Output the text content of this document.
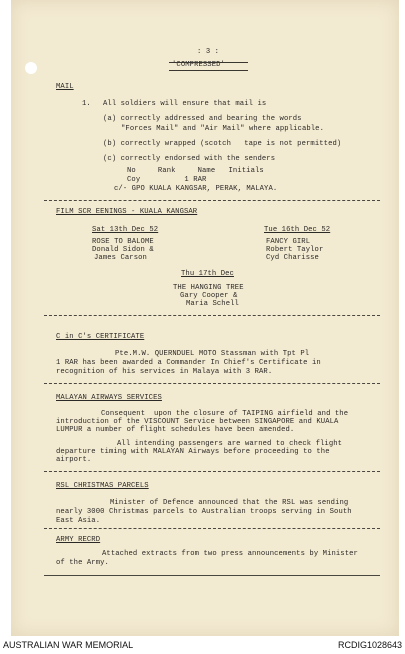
: 3 :
'COMPRESSED'
MAIL
1. All soldiers will ensure that mail is
(a) correctly addressed and bearing the words
"Forces Mail" and "Air Mail" where applicable.
(b) correctly wrapped (scotch   tape is not permitted)
(c) correctly endorsed with the senders
No     Rank     Name   Initials
Coy          1 RAR
c/- GPO KUALA KANGSAR, PERAK, MALAYA.
FILM SCR EENINGS - KUALA KANGSAR
Sat 13th Dec 52
ROSE TO BALOME
Donald Sidon &
James Carson
Tue 16th Dec 52
FANCY GIRL
Robert Taylor
Cyd Charisse
Thu 17th Dec
THE HANGING TREE
Gary Cooper &
Maria Schell
C in C's CERTIFICATE
Pte.M.W. QUERNDUEL MOTO Stassman with Tpt Pl
1 RAR has been awarded a Commander In Chief's Certificate in
recognition of his services in Malaya with 3 RAR.
MALAYAN AIRWAYS SERVICES
Consequent  upon the closure of TAIPING airfield and the
introduction of the VISCOUNT Service between SINGAPORE and KUALA
LUMPUR a number of flight schedules have been amended.
All intending passengers are warned to check flight
departure timing with MALAYAN Airways before proceeding to the
airport.
RSL CHRISTMAS PARCELS
Minister of Defence announced that the RSL was sending
nearly 3000 Christmas parcels to Australian troops serving in South
East Asia.
ARMY RECRD
Attached extracts from two press announcements by Minister
of the Army.
AUSTRALIAN WAR MEMORIAL	RCDIG1028643
